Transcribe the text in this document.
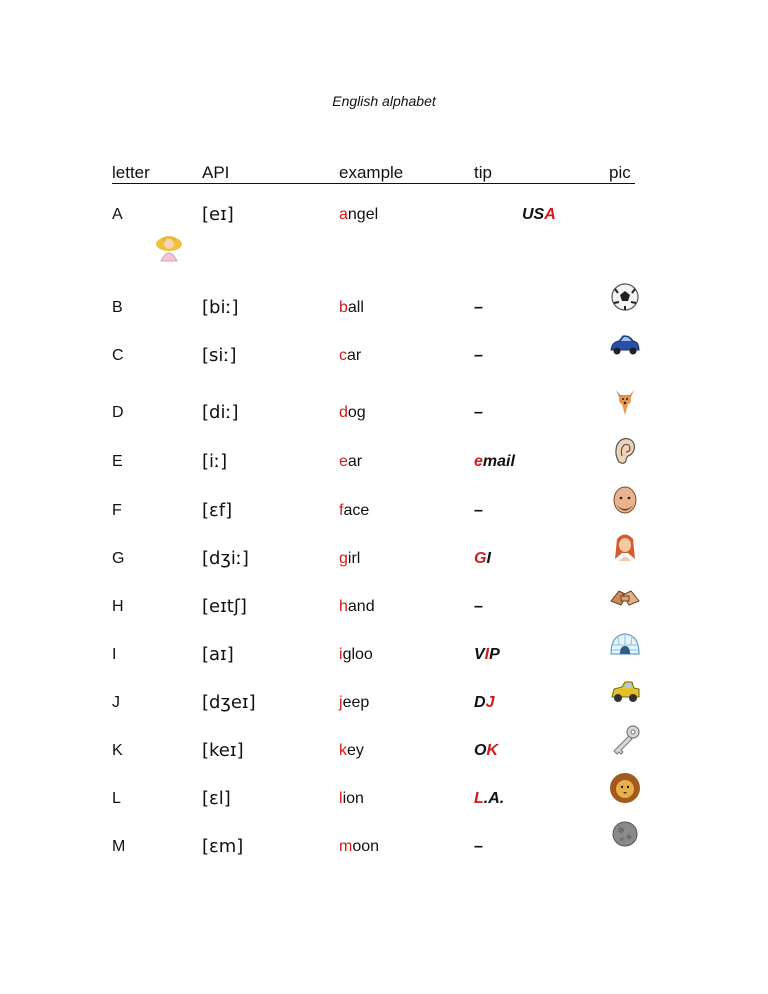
English alphabet
letter	API	example	tip	pic
A	[eɪ]	angel	USA
B	[biː]	ball	–
C	[siː]	car	–
D	[diː]	dog	–
E	[iː]	ear	email
F	[ɛf]	face	–
G	[dʒiː]	girl	GI
H	[eɪtʃ]	hand	–
I	[aɪ]	igloo	VIP
J	[dʒeɪ]	jeep	DJ
K	[keɪ]	key	OK
L	[ɛl]	lion	L.A.
M	[ɛm]	moon	–
